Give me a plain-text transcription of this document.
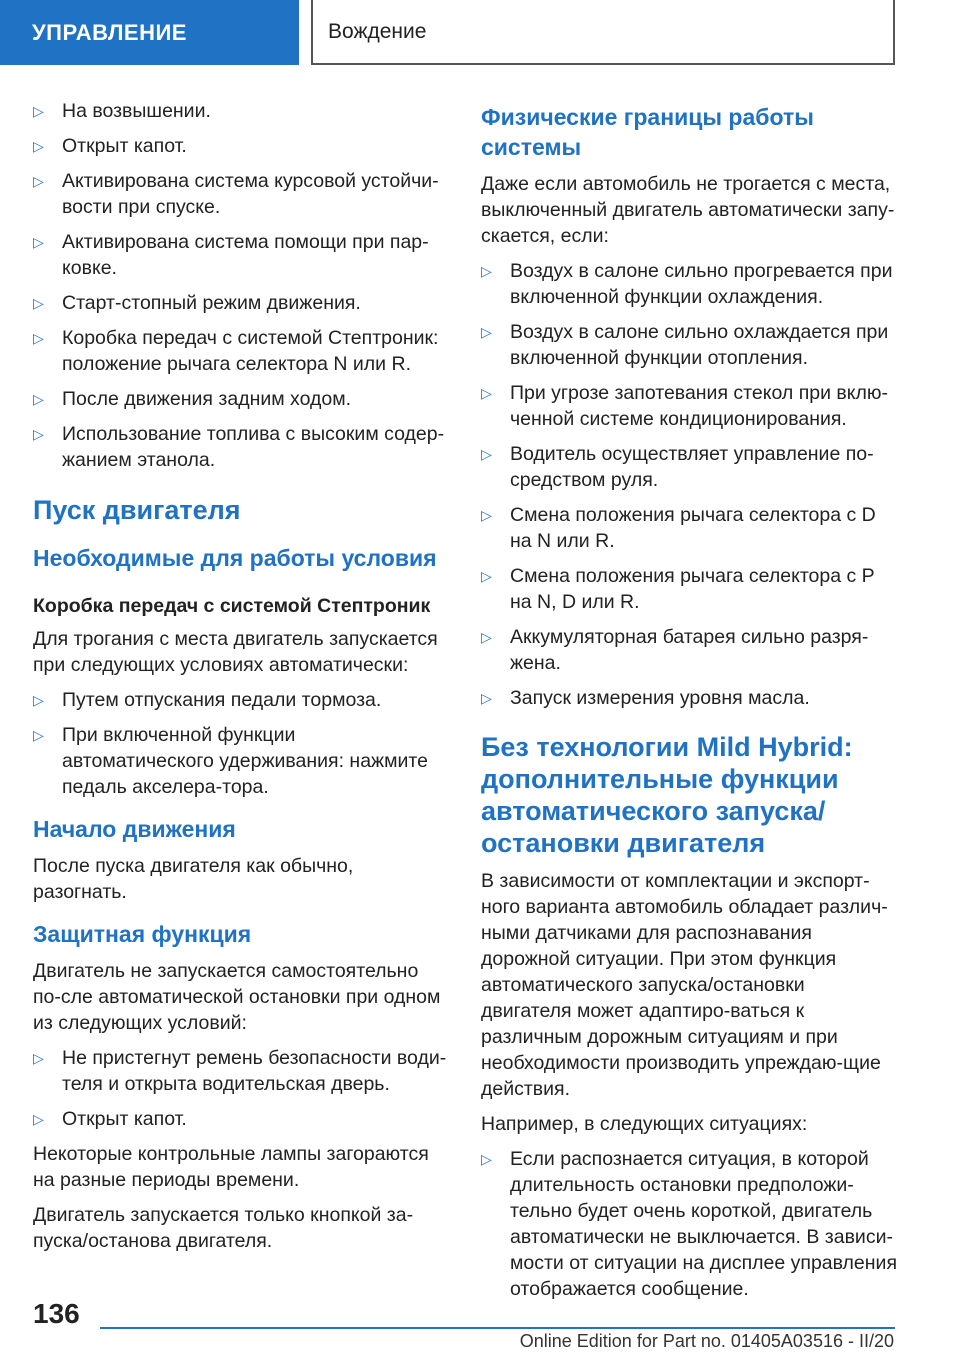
УПРАВЛЕНИЕ	Вождение
▷ На возвышении.
▷ Открыт капот.
▷ Активирована система курсовой устойчи-вости при спуске.
▷ Активирована система помощи при пар-ковке.
▷ Старт-стопный режим движения.
▷ Коробка передач с системой Стептроник: положение рычага селектора N или R.
▷ После движения задним ходом.
▷ Использование топлива с высоким содер-жанием этанола.
Пуск двигателя
Необходимые для работы условия
Коробка передач с системой Стептроник

Для трогания с места двигатель запускается при следующих условиях автоматически:

▷ Путем отпускания педали тормоза.
▷ При включенной функции автоматического удерживания: нажмите педаль акселера-тора.
Начало движения

После пуска двигателя как обычно, разогнать.

Защитная функция

Двигатель не запускается самостоятельно по-сле автоматической остановки при одном из следующих условий:

▷ Не пристегнут ремень безопасности води-теля и открыта водительская дверь.
▷ Открыт капот.

Некоторые контрольные лампы загораются на разные периоды времени.

Двигатель запускается только кнопкой за-пуска/останова двигателя.

Физические границы работы системы

Даже если автомобиль не трогается с места, выключенный двигатель автоматически запу-скается, если:

▷ Воздух в салоне сильно прогревается при включенной функции охлаждения.
▷ Воздух в салоне сильно охлаждается при включенной функции отопления.
▷ При угрозе запотевания стекол при вклю-ченной системе кондиционирования.
▷ Водитель осуществляет управление по-средством руля.
▷ Смена положения рычага селектора с D на N или R.
▷ Смена положения рычага селектора с P на N, D или R.
▷ Аккумуляторная батарея сильно разря-жена.
▷ Запуск измерения уровня масла.
Без технологии Mild Hybrid: дополнительные функции автоматического запуска/остановки двигателя

В зависимости от комплектации и экспорт-ного варианта автомобиль обладает различ-ными датчиками для распознавания дорожной ситуации. При этом функция автоматического запуска/остановки двигателя может адаптиро-ваться к различным дорожным ситуациям и при необходимости производить упреждаю-щие действия.

Например, в следующих ситуациях:

▷ Если распознается ситуация, в которой длительность остановки предположи-тельно будет очень короткой, двигатель автоматически не выключается. В зависи-мости от ситуации на дисплее управления отображается сообщение.
136
Online Edition for Part no. 01405A03516 - II/20
